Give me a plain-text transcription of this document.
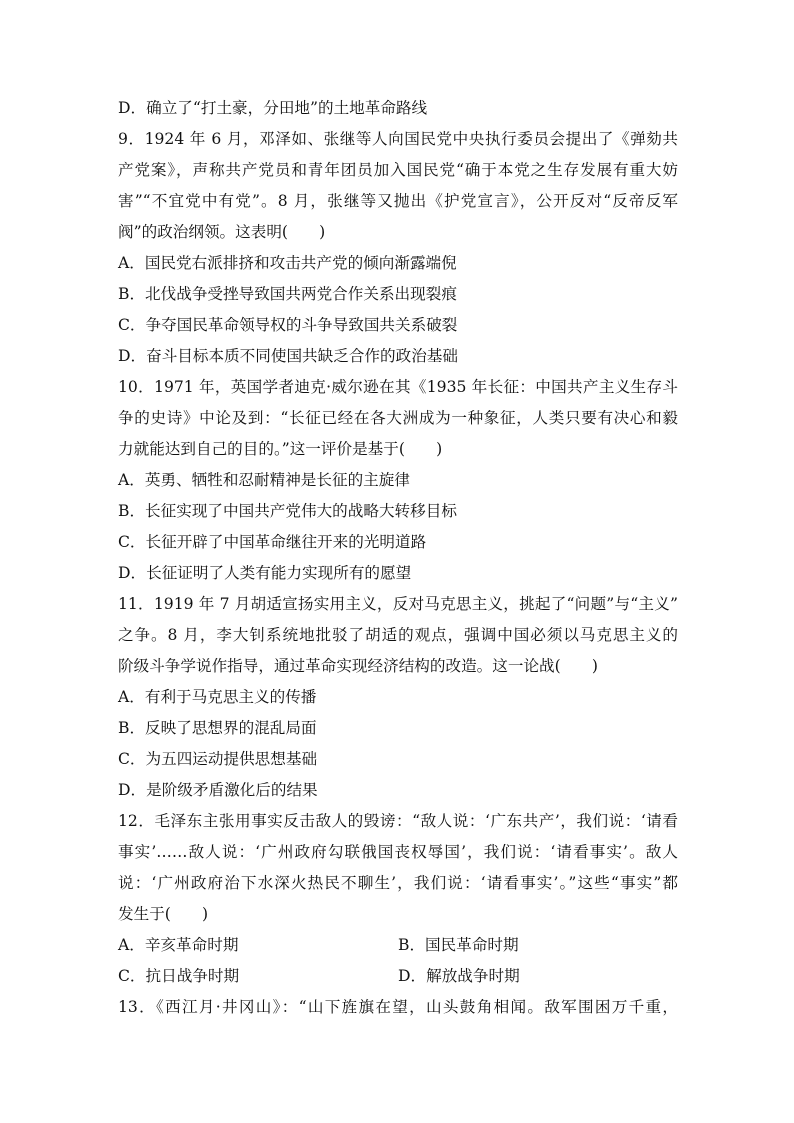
D．确立了“打土豪，分田地”的土地革命路线
9．1924 年 6 月，邓泽如、张继等人向国民党中央执行委员会提出了《弹劾共
产党案》，声称共产党员和青年团员加入国民党“确于本党之生存发展有重大妨
害”“不宜党中有党”。8 月，张继等又抛出《护党宣言》，公开反对“反帝反军
阀”的政治纲领。这表明(　　)
A．国民党右派排挤和攻击共产党的倾向渐露端倪
B．北伐战争受挫导致国共两党合作关系出现裂痕
C．争夺国民革命领导权的斗争导致国共关系破裂
D．奋斗目标本质不同使国共缺乏合作的政治基础
10．1971 年，英国学者迪克·威尔逊在其《1935 年长征：中国共产主义生存斗
争的史诗》中论及到：“长征已经在各大洲成为一种象征，人类只要有决心和毅
力就能达到自己的目的。”这一评价是基于(　　)
A．英勇、牺牲和忍耐精神是长征的主旋律
B．长征实现了中国共产党伟大的战略大转移目标
C．长征开辟了中国革命继往开来的光明道路
D．长征证明了人类有能力实现所有的愿望
11．1919 年 7 月胡适宣扬实用主义，反对马克思主义，挑起了“问题”与“主义”
之争。8 月，李大钊系统地批驳了胡适的观点，强调中国必须以马克思主义的
阶级斗争学说作指导，通过革命实现经济结构的改造。这一论战(　　)
A．有利于马克思主义的传播
B．反映了思想界的混乱局面
C．为五四运动提供思想基础
D．是阶级矛盾激化后的结果
12．毛泽东主张用事实反击敌人的毁谤：“敌人说：‘广东共产’，我们说：‘请看
事实’……敌人说：‘广州政府勾联俄国丧权辱国’，我们说：‘请看事实’。敌人
说：‘广州政府治下水深火热民不聊生’，我们说：‘请看事实’。”这些“事实”都
发生于(　　)
A．辛亥革命时期	B．国民革命时期
C．抗日战争时期	D．解放战争时期
13．《西江月·井冈山》：“山下旌旗在望，山头鼓角相闻。敌军围困万千重，
